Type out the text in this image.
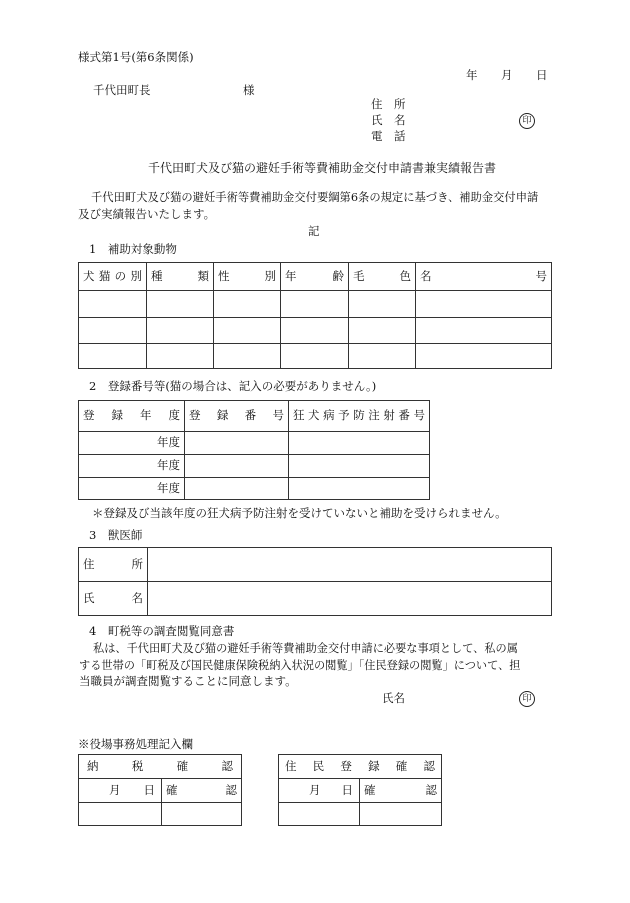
様式第1号(第6条関係)
年 月 日
千代田町長	様
住　所
氏　名	印
電　話
千代田町犬及び猫の避妊手術等費補助金交付申請書兼実績報告書
千代田町犬及び猫の避妊手術等費補助金交付要綱第6条の規定に基づき、補助金交付申請
及び実績報告いたします。
記
1　補助対象動物
犬猫の別	種類	性別	年齢	毛色	名号

2　登録番号等(猫の場合は、記入の必要がありません。)
登録年度	登録番号	狂犬病予防注射番号

年度		
年度		
年度		
＊登録及び当該年度の狂犬病予防注射を受けていないと補助を受けられません。
3　獣医師
住所	

氏名	

4　町税等の調査閲覧同意書
私は、千代田町犬及び猫の避妊手術等費補助金交付申請に必要な事項として、私の属
する世帯の「町税及び国民健康保険税納入状況の閲覧」「住民登録の閲覧」について、担
当職員が調査閲覧することに同意します。
氏名	印
※役場事務処理記入欄
納税確認	

月 日	確認

住民登録確認	

月 日	確認
